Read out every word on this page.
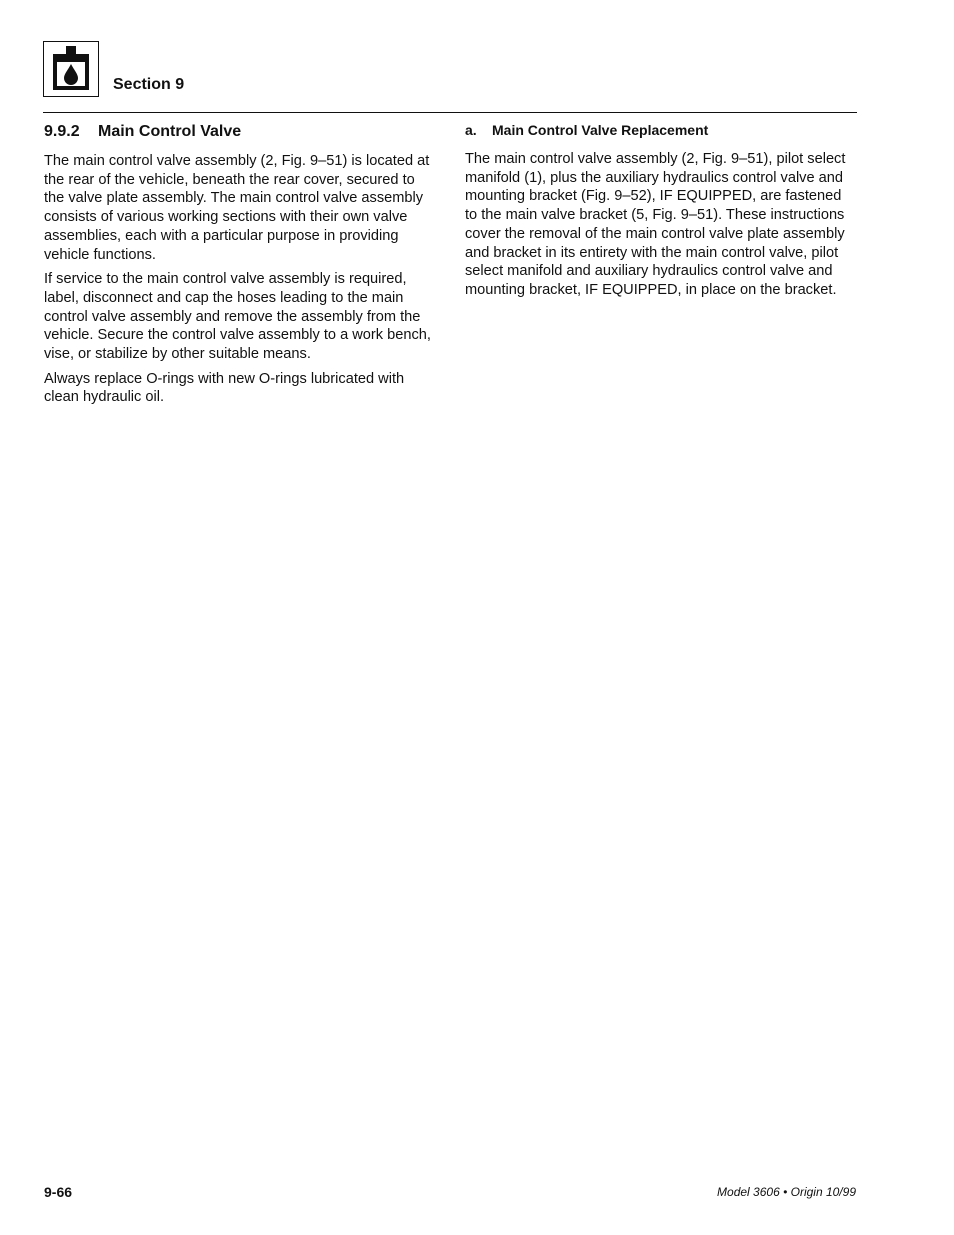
Section 9
9.9.2 Main Control Valve

The main control valve assembly (2, Fig. 9–51) is located at the rear of the vehicle, beneath the rear cover, secured to the valve plate assembly. The main control valve assembly consists of various working sections with their own valve assemblies, each with a particular purpose in providing vehicle functions.

If service to the main control valve assembly is required, label, disconnect and cap the hoses leading to the main control valve assembly and remove the assembly from the vehicle. Secure the control valve assembly to a work bench, vise, or stabilize by other suitable means.

Always replace O-rings with new O-rings lubricated with clean hydraulic oil.

a. Main Control Valve Replacement

The main control valve assembly (2, Fig. 9–51), pilot select manifold (1), plus the auxiliary hydraulics control valve and mounting bracket (Fig. 9–52), IF EQUIPPED, are fastened to the main valve bracket (5, Fig. 9–51). These instructions cover the removal of the main control valve plate assembly and bracket in its entirety with the main control valve, pilot select manifold and auxiliary hydraulics control valve and mounting bracket, IF EQUIPPED, in place on the bracket.

9-66	Model 3606 • Origin 10/99
